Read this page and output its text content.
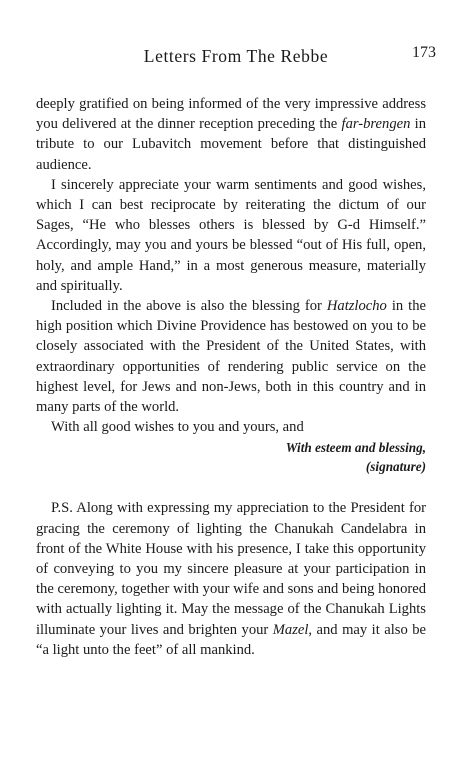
Letters From The Rebbe	173

deeply gratified on being informed of the very impressive address you delivered at the dinner reception preceding the far-brengen in tribute to our Lubavitch movement before that distinguished audience.

I sincerely appreciate your warm sentiments and good wishes, which I can best reciprocate by reiterating the dictum of our Sages, “He who blesses others is blessed by G-d Himself.” Accordingly, may you and yours be blessed “out of His full, open, holy, and ample Hand,” in a most generous measure, materially and spiritually.

Included in the above is also the blessing for Hatzlocho in the high position which Divine Providence has bestowed on you to be closely associated with the President of the United States, with extraordinary opportunities of rendering public service on the highest level, for Jews and non-Jews, both in this country and in many parts of the world.

With all good wishes to you and yours, and

With esteem and blessing,
(signature)

P.S. Along with expressing my appreciation to the President for gracing the ceremony of lighting the Chanukah Candelabra in front of the White House with his presence, I take this opportunity of conveying to you my sincere pleasure at your participation in the ceremony, together with your wife and sons and being honored with actually lighting it. May the message of the Chanukah Lights illuminate your lives and brighten your Mazel, and may it also be “a light unto the feet” of all mankind.
